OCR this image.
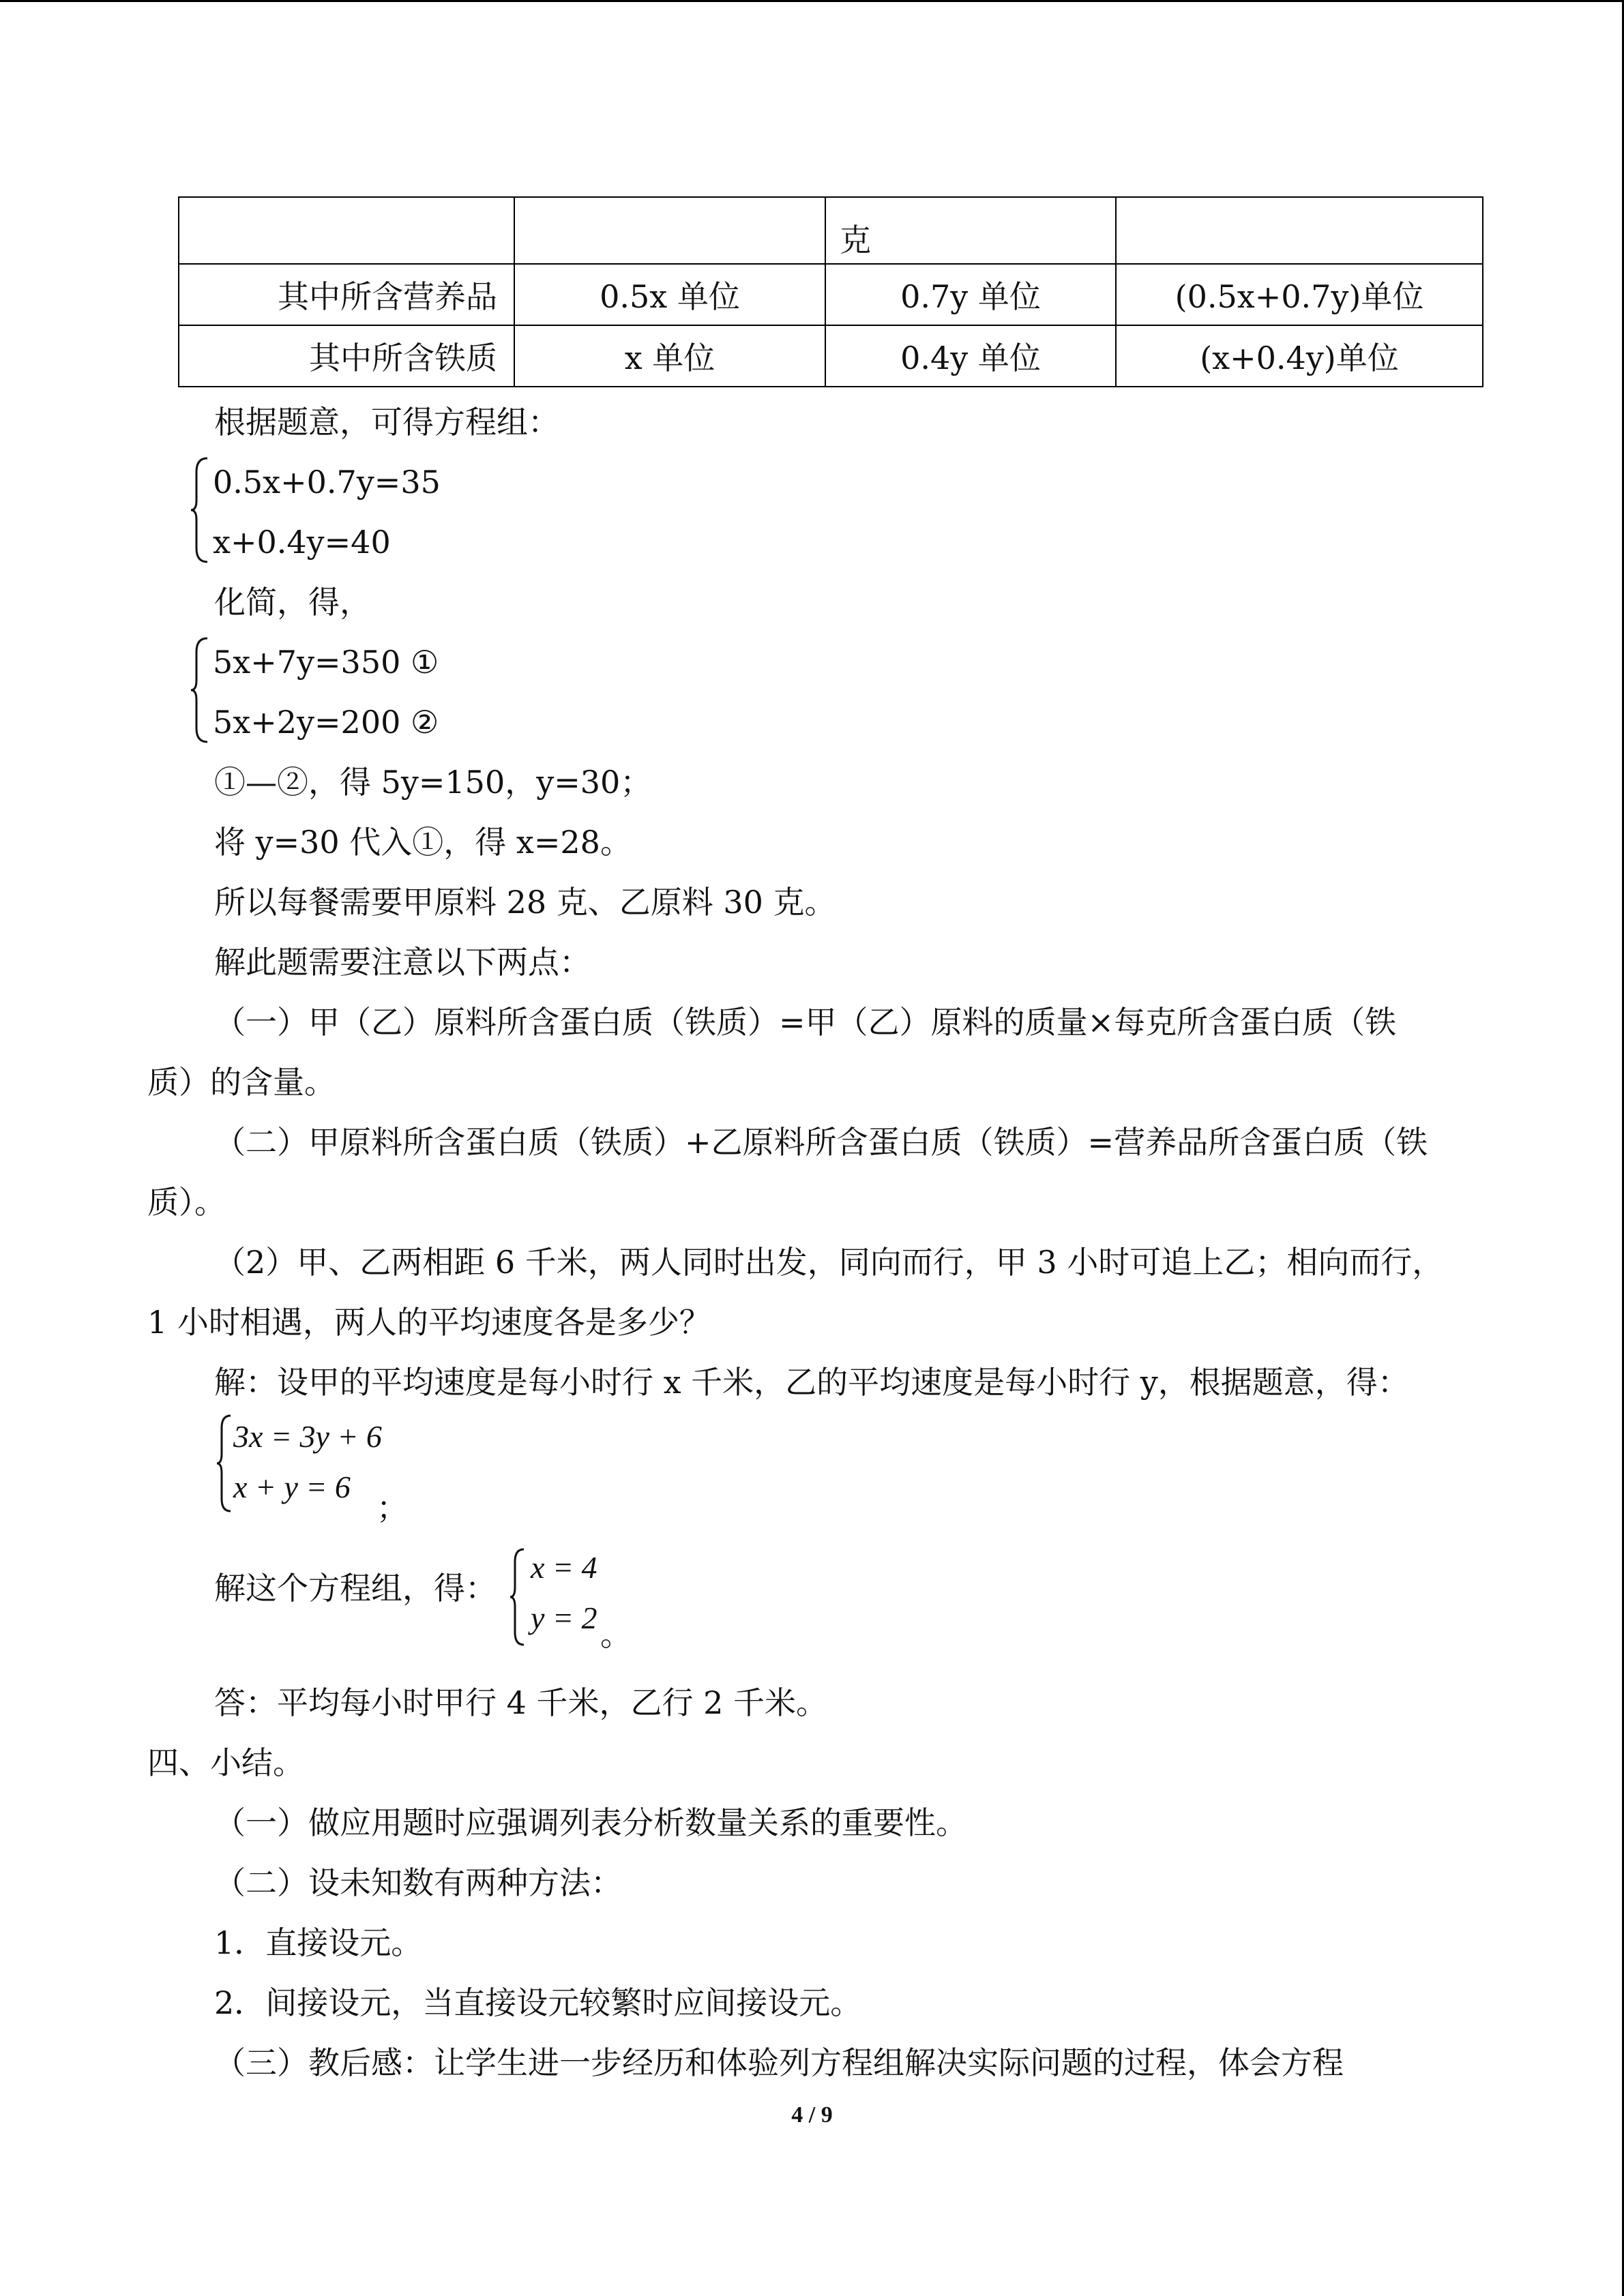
		克	
其中所含营养品	0.5x 单位	0.7y 单位	(0.5x+0.7y)单位
其中所含铁质	x 单位	0.4y 单位	(x+0.4y)单位
根据题意，可得方程组：
0.5x+0.7y=35
x+0.4y=40
化简，得，
5x+7y=350 ①
5x+2y=200 ②
①—②，得 5y=150，y=30；
将 y=30 代入①，得 x=28。
所以每餐需要甲原料 28 克、乙原料 30 克。
解此题需要注意以下两点：
（一）甲（乙）原料所含蛋白质（铁质）=甲（乙）原料的质量×每克所含蛋白质（铁
质）的含量。
（二）甲原料所含蛋白质（铁质）+乙原料所含蛋白质（铁质）=营养品所含蛋白质（铁
质）。
（2）甲、乙两相距 6 千米，两人同时出发，同向而行，甲 3 小时可追上乙；相向而行，
1 小时相遇，两人的平均速度各是多少？
解：设甲的平均速度是每小时行 x 千米，乙的平均速度是每小时行 y，根据题意，得：
3x = 3y + 6
x + y = 6
；
解这个方程组，得：
x = 4
y = 2 。
答：平均每小时甲行 4 千米，乙行 2 千米。
四、小结。
（一）做应用题时应强调列表分析数量关系的重要性。
（二）设未知数有两种方法：
1．直接设元。
2．间接设元，当直接设元较繁时应间接设元。
（三）教后感：让学生进一步经历和体验列方程组解决实际问题的过程，体会方程
4 / 9
